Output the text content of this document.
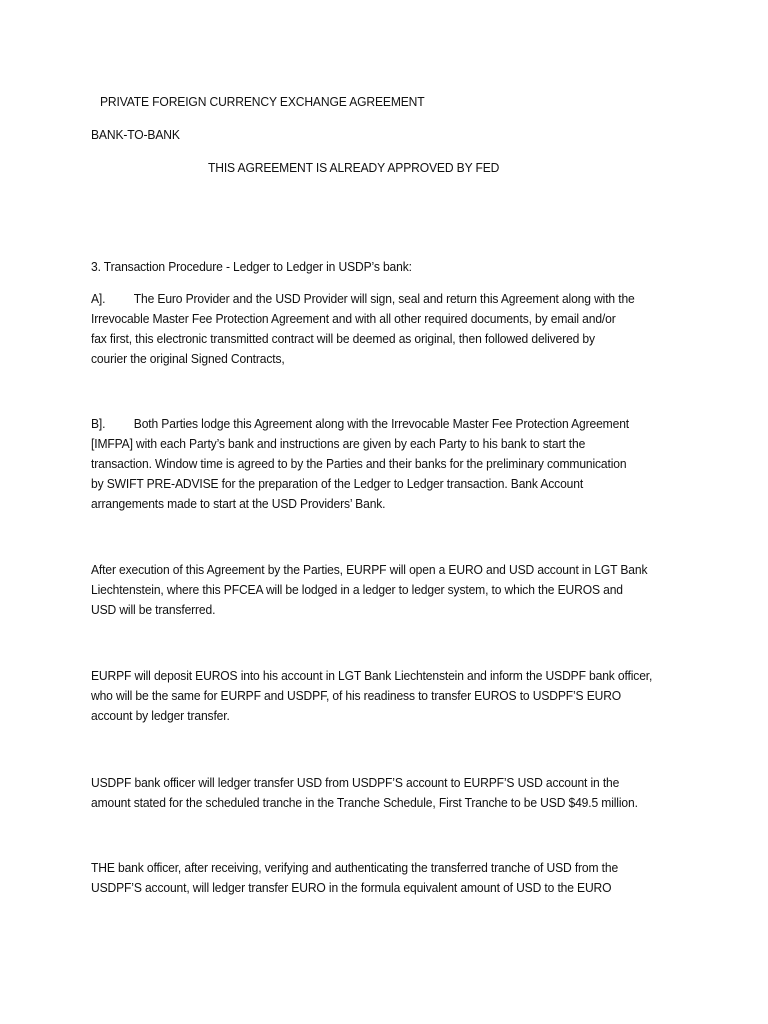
PRIVATE FOREIGN CURRENCY EXCHANGE AGREEMENT
BANK-TO-BANK
THIS AGREEMENT IS ALREADY APPROVED BY FED
3. Transaction Procedure - Ledger to Ledger in USDP’s bank:
A]. The Euro Provider and the USD Provider will sign, seal and return this Agreement along with the
Irrevocable Master Fee Protection Agreement and with all other required documents, by email and/or
fax first, this electronic transmitted contract will be deemed as original, then followed delivered by
courier the original Signed Contracts,
B]. Both Parties lodge this Agreement along with the Irrevocable Master Fee Protection Agreement
[IMFPA] with each Party’s bank and instructions are given by each Party to his bank to start the
transaction. Window time is agreed to by the Parties and their banks for the preliminary communication
by SWIFT PRE-ADVISE for the preparation of the Ledger to Ledger transaction. Bank Account
arrangements made to start at the USD Providers’ Bank.
After execution of this Agreement by the Parties, EURPF will open a EURO and USD account in LGT Bank
Liechtenstein, where this PFCEA will be lodged in a ledger to ledger system, to which the EUROS and
USD will be transferred.
EURPF will deposit EUROS into his account in LGT Bank Liechtenstein and inform the USDPF bank officer,
who will be the same for EURPF and USDPF, of his readiness to transfer EUROS to USDPF’S EURO
account by ledger transfer.
USDPF bank officer will ledger transfer USD from USDPF’S account to EURPF’S USD account in the
amount stated for the scheduled tranche in the Tranche Schedule, First Tranche to be USD $49.5 million.
THE bank officer, after receiving, verifying and authenticating the transferred tranche of USD from the
USDPF’S account, will ledger transfer EURO in the formula equivalent amount of USD to the EURO
